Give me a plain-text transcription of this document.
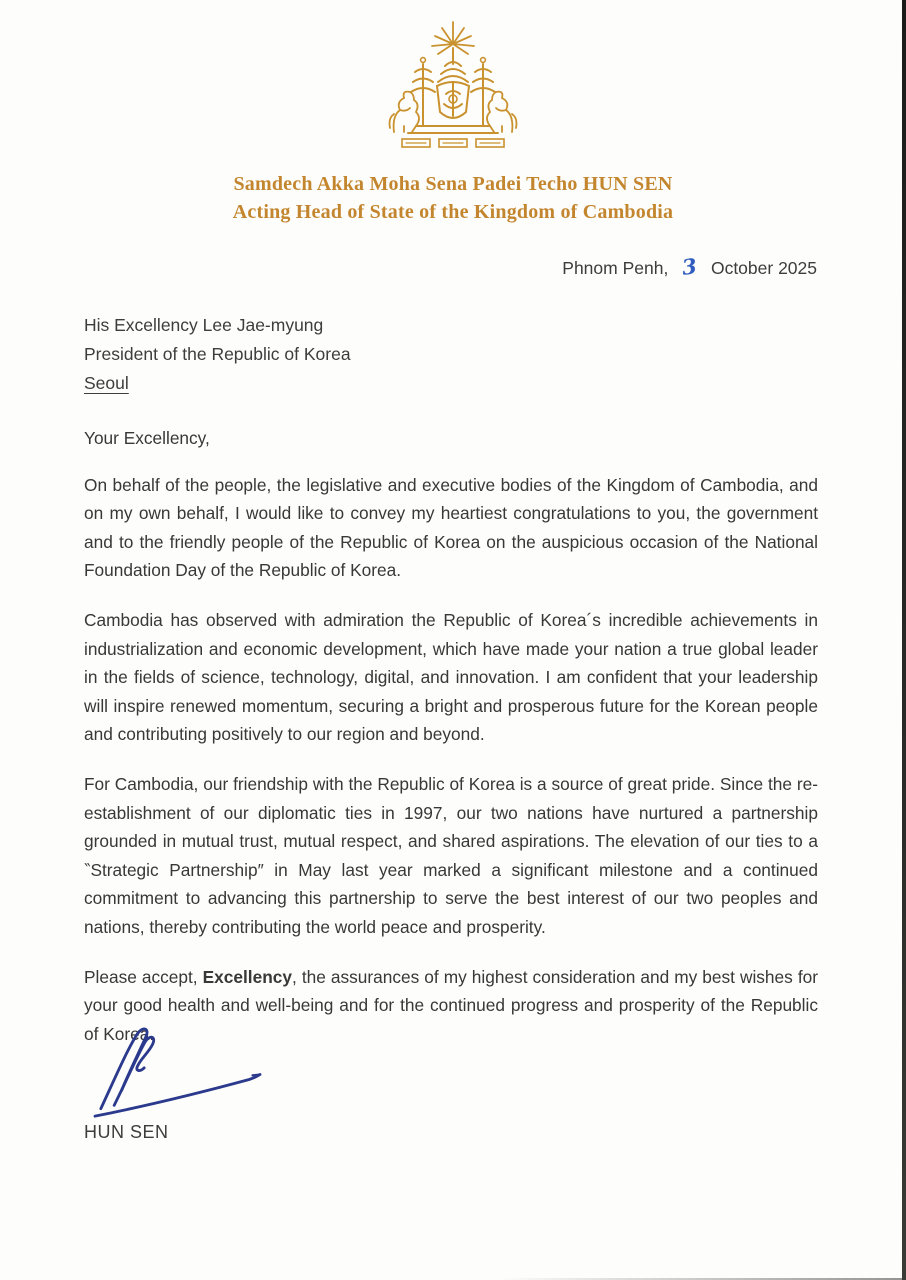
Samdech Akka Moha Sena Padei Techo HUN SEN
Acting Head of State of the Kingdom of Cambodia
Phnom Penh, 3 October 2025
His Excellency Lee Jae-myung
President of the Republic of Korea
Seoul

Your Excellency,

On behalf of the people, the legislative and executive bodies of the Kingdom of Cambodia, and on my own behalf, I would like to convey my heartiest congratulations to you, the government and to the friendly people of the Republic of Korea on the auspicious occasion of the National Foundation Day of the Republic of Korea.

Cambodia has observed with admiration the Republic of Korea´s incredible achievements in industrialization and economic development, which have made your nation a true global leader in the fields of science, technology, digital, and innovation. I am confident that your leadership will inspire renewed momentum, securing a bright and prosperous future for the Korean people and contributing positively to our region and beyond.

For Cambodia, our friendship with the Republic of Korea is a source of great pride. Since the re-establishment of our diplomatic ties in 1997, our two nations have nurtured a partnership grounded in mutual trust, mutual respect, and shared aspirations. The elevation of our ties to a ‶Strategic Partnership″ in May last year marked a significant milestone and a continued commitment to advancing this partnership to serve the best interest of our two peoples and nations, thereby contributing the world peace and prosperity.

Please accept, Excellency, the assurances of my highest consideration and my best wishes for your good health and well-being and for the continued progress and prosperity of the Republic of Korea.

HUN SEN
